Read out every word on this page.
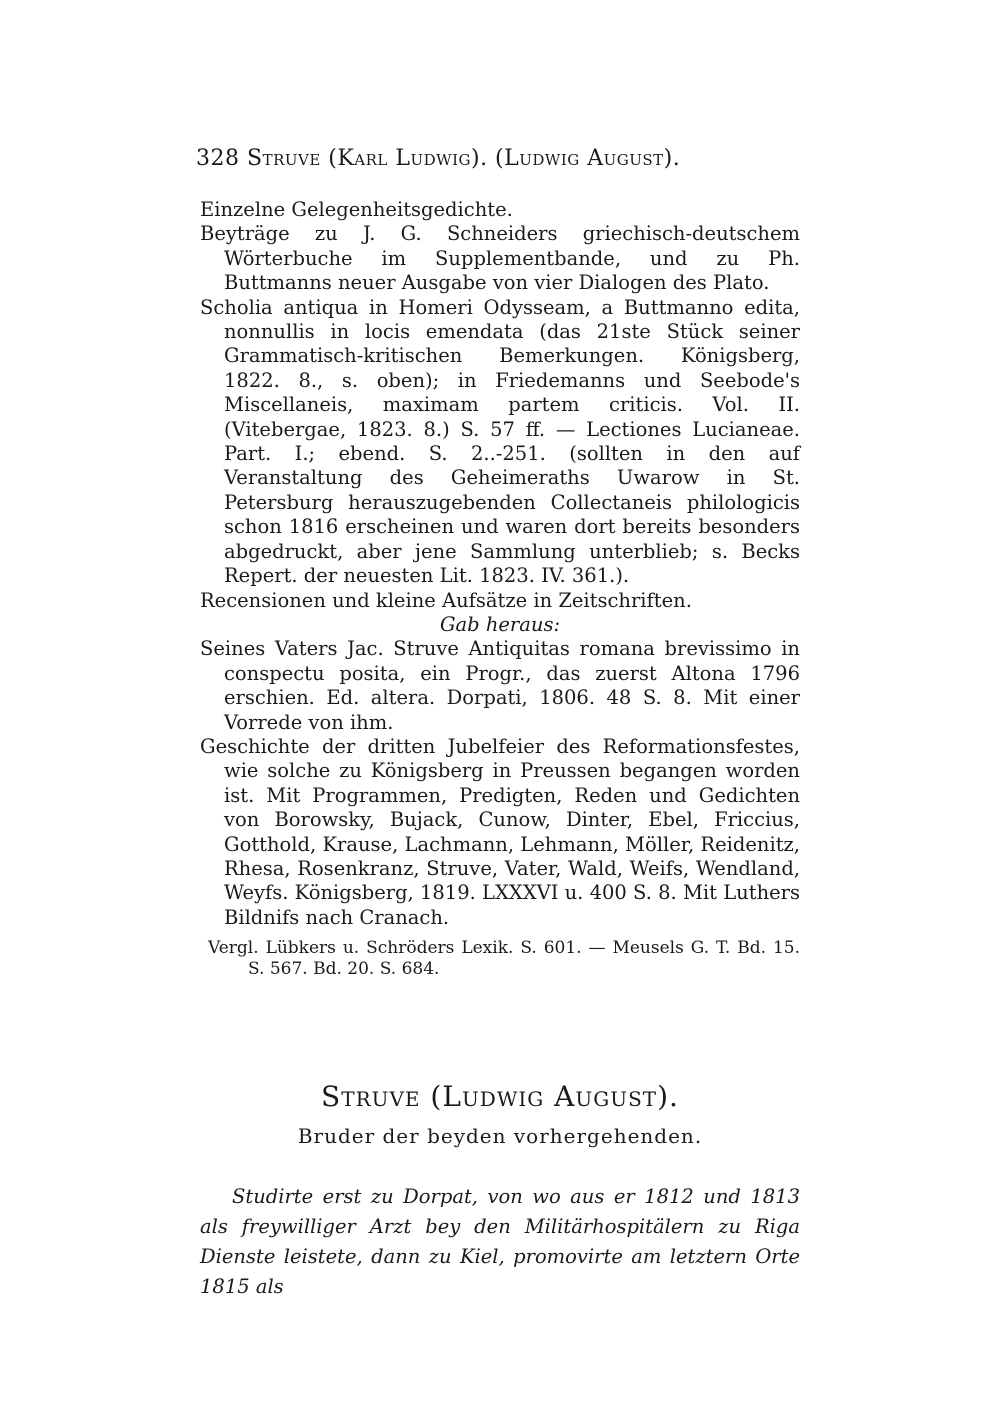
328 Struve (Karl Ludwig). (Ludwig August).

Einzelne Gelegenheitsgedichte.

Beyträge zu J. G. Schneiders griechisch-deutschem Wörterbuche im Supplementbande, und zu Ph. Buttmanns neuer Ausgabe von vier Dialogen des Plato.

Scholia antiqua in Homeri Odysseam, a Buttmanno edita, nonnullis in locis emendata (das 21ste Stück seiner Grammatisch-kritischen Bemerkungen. Königsberg, 1822. 8., s. oben); in Friedemanns und Seebode's Miscellaneis, maximam partem criticis. Vol. II. (Vitebergae, 1823. 8.) S. 57 ff. — Lectiones Lucianeae. Part. I.; ebend. S. 2..-251. (sollten in den auf Veranstaltung des Geheimeraths Uwarow in St. Petersburg herauszugebenden Collectaneis philologicis schon 1816 erscheinen und waren dort bereits besonders abgedruckt, aber jene Sammlung unterblieb; s. Becks Repert. der neuesten Lit. 1823. IV. 361.).

Recensionen und kleine Aufsätze in Zeitschriften.

Gab heraus:

Seines Vaters Jac. Struve Antiquitas romana brevissimo in conspectu posita, ein Progr., das zuerst Altona 1796 erschien. Ed. altera. Dorpati, 1806. 48 S. 8. Mit einer Vorrede von ihm.

Geschichte der dritten Jubelfeier des Reformationsfestes, wie solche zu Königsberg in Preussen begangen worden ist. Mit Programmen, Predigten, Reden und Gedichten von Borowsky, Bujack, Cunow, Dinter, Ebel, Friccius, Gotthold, Krause, Lachmann, Lehmann, Möller, Reidenitz, Rhesa, Rosenkranz, Struve, Vater, Wald, Weifs, Wendland, Weyfs. Königsberg, 1819. LXXXVI u. 400 S. 8. Mit Luthers Bildnifs nach Cranach.

Vergl. Lübkers u. Schröders Lexik. S. 601. — Meusels G. T. Bd. 15. S. 567. Bd. 20. S. 684.

Struve (Ludwig August).
Bruder der beyden vorhergehenden.

Studirte erst zu Dorpat, von wo aus er 1812 und 1813 als freywilliger Arzt bey den Militärhospitälern zu Riga Dienste leistete, dann zu Kiel, promovirte am letztern Orte 1815 als
